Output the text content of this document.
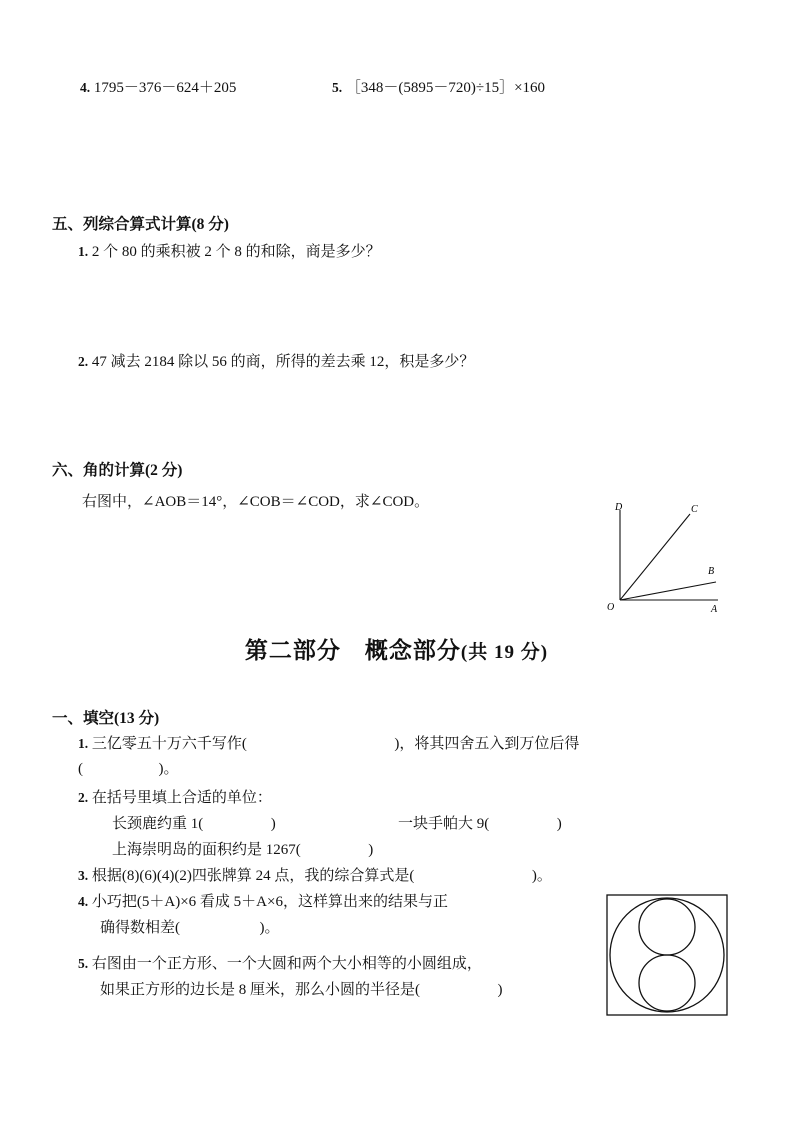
4. 1795－376－624＋205	5. ［348－(5895－720)÷15］×160
五、列综合算式计算(8 分)
1. 2 个 80 的乘积被 2 个 8 的和除，商是多少？
2. 47 减去 2184 除以 56 的商，所得的差去乘 12，积是多少？
六、角的计算(2 分)
右图中，∠AOB＝14°，∠COB＝∠COD，求∠COD。	D	C
B
A
O
第二部分　概念部分(共 19 分)
一、填空(13 分)
1. 三亿零五十万六千写作(	)，将其四舍五入到万位后得
(	)。
2. 在括号里填上合适的单位：
长颈鹿约重 1(	)	一块手帕大 9(	)
上海崇明岛的面积约是 1267(	)
3. 根据(8)(6)(4)(2)四张牌算 24 点，我的综合算式是(	)。
4. 小巧把(5＋A)×6 看成 5＋A×6，这样算出来的结果与正
确得数相差(	)。
5. 右图由一个正方形、一个大圆和两个大小相等的小圆组成，
如果正方形的边长是 8 厘米，那么小圆的半径是(	)
